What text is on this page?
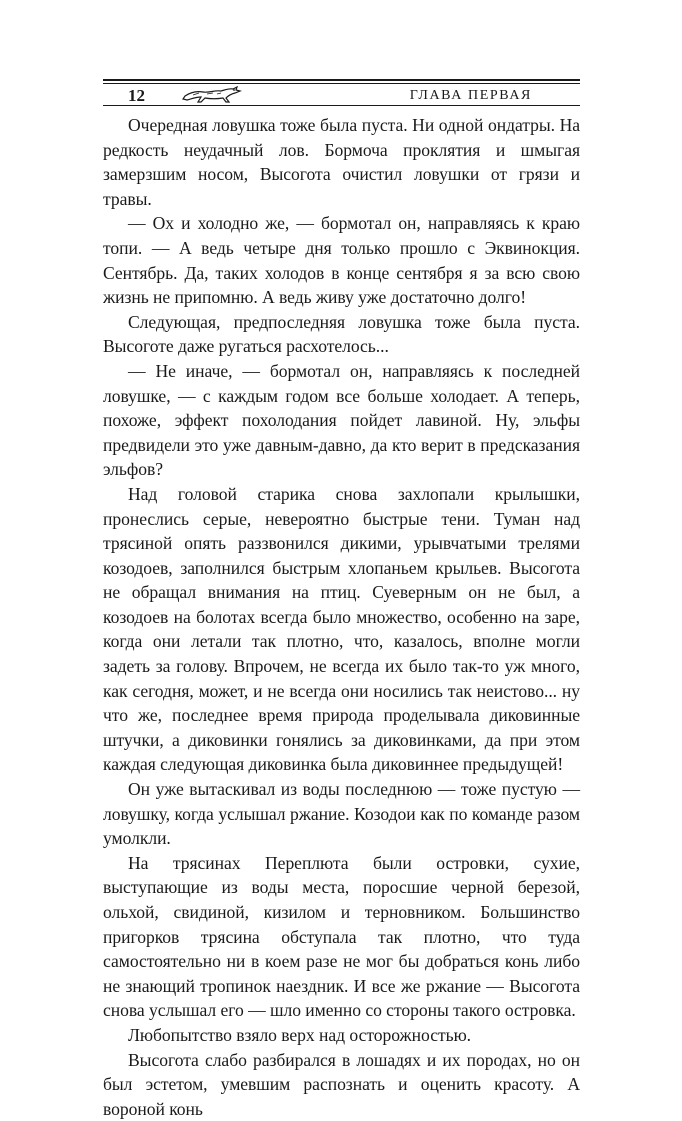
12	ГЛАВА ПЕРВАЯ

Очередная ловушка тоже была пуста. Ни одной ондатры. На редкость неудачный лов. Бормоча проклятия и шмыгая замерзшим носом, Высогота очистил ловушки от грязи и травы.

— Ох и холодно же, — бормотал он, направляясь к краю топи. — А ведь четыре дня только прошло с Эквинокция. Сентябрь. Да, таких холодов в конце сентября я за всю свою жизнь не припомню. А ведь живу уже достаточно долго!

Следующая, предпоследняя ловушка тоже была пуста. Высоготе даже ругаться расхотелось...

— Не иначе, — бормотал он, направляясь к последней ловушке, — с каждым годом все больше холодает. А теперь, похоже, эффект похолодания пойдет лавиной. Ну, эльфы предвидели это уже давным-давно, да кто верит в предсказания эльфов?

Над головой старика снова захлопали крылышки, пронеслись серые, невероятно быстрые тени. Туман над трясиной опять раззвонился дикими, урывчатыми трелями козодоев, заполнился быстрым хлопаньем крыльев. Высогота не обращал внимания на птиц. Суеверным он не был, а козодоев на болотах всегда было множество, особенно на заре, когда они летали так плотно, что, казалось, вполне могли задеть за голову. Впрочем, не всегда их было так-то уж много, как сегодня, может, и не всегда они носились так неистово... ну что же, последнее время природа проделывала диковинные штучки, а диковинки гонялись за диковинками, да при этом каждая следующая диковинка была диковиннее предыдущей!

Он уже вытаскивал из воды последнюю — тоже пустую — ловушку, когда услышал ржание. Козодои как по команде разом умолкли.

На трясинах Переплюта были островки, сухие, выступающие из воды места, поросшие черной березой, ольхой, свидиной, кизилом и терновником. Большинство пригорков трясина обступала так плотно, что туда самостоятельно ни в коем разе не мог бы добраться конь либо не знающий тропинок наездник. И все же ржание — Высогота снова услышал его — шло именно со стороны такого островка.

Любопытство взяло верх над осторожностью.

Высогота слабо разбирался в лошадях и их породах, но он был эстетом, умевшим распознать и оценить красоту. А вороной конь
